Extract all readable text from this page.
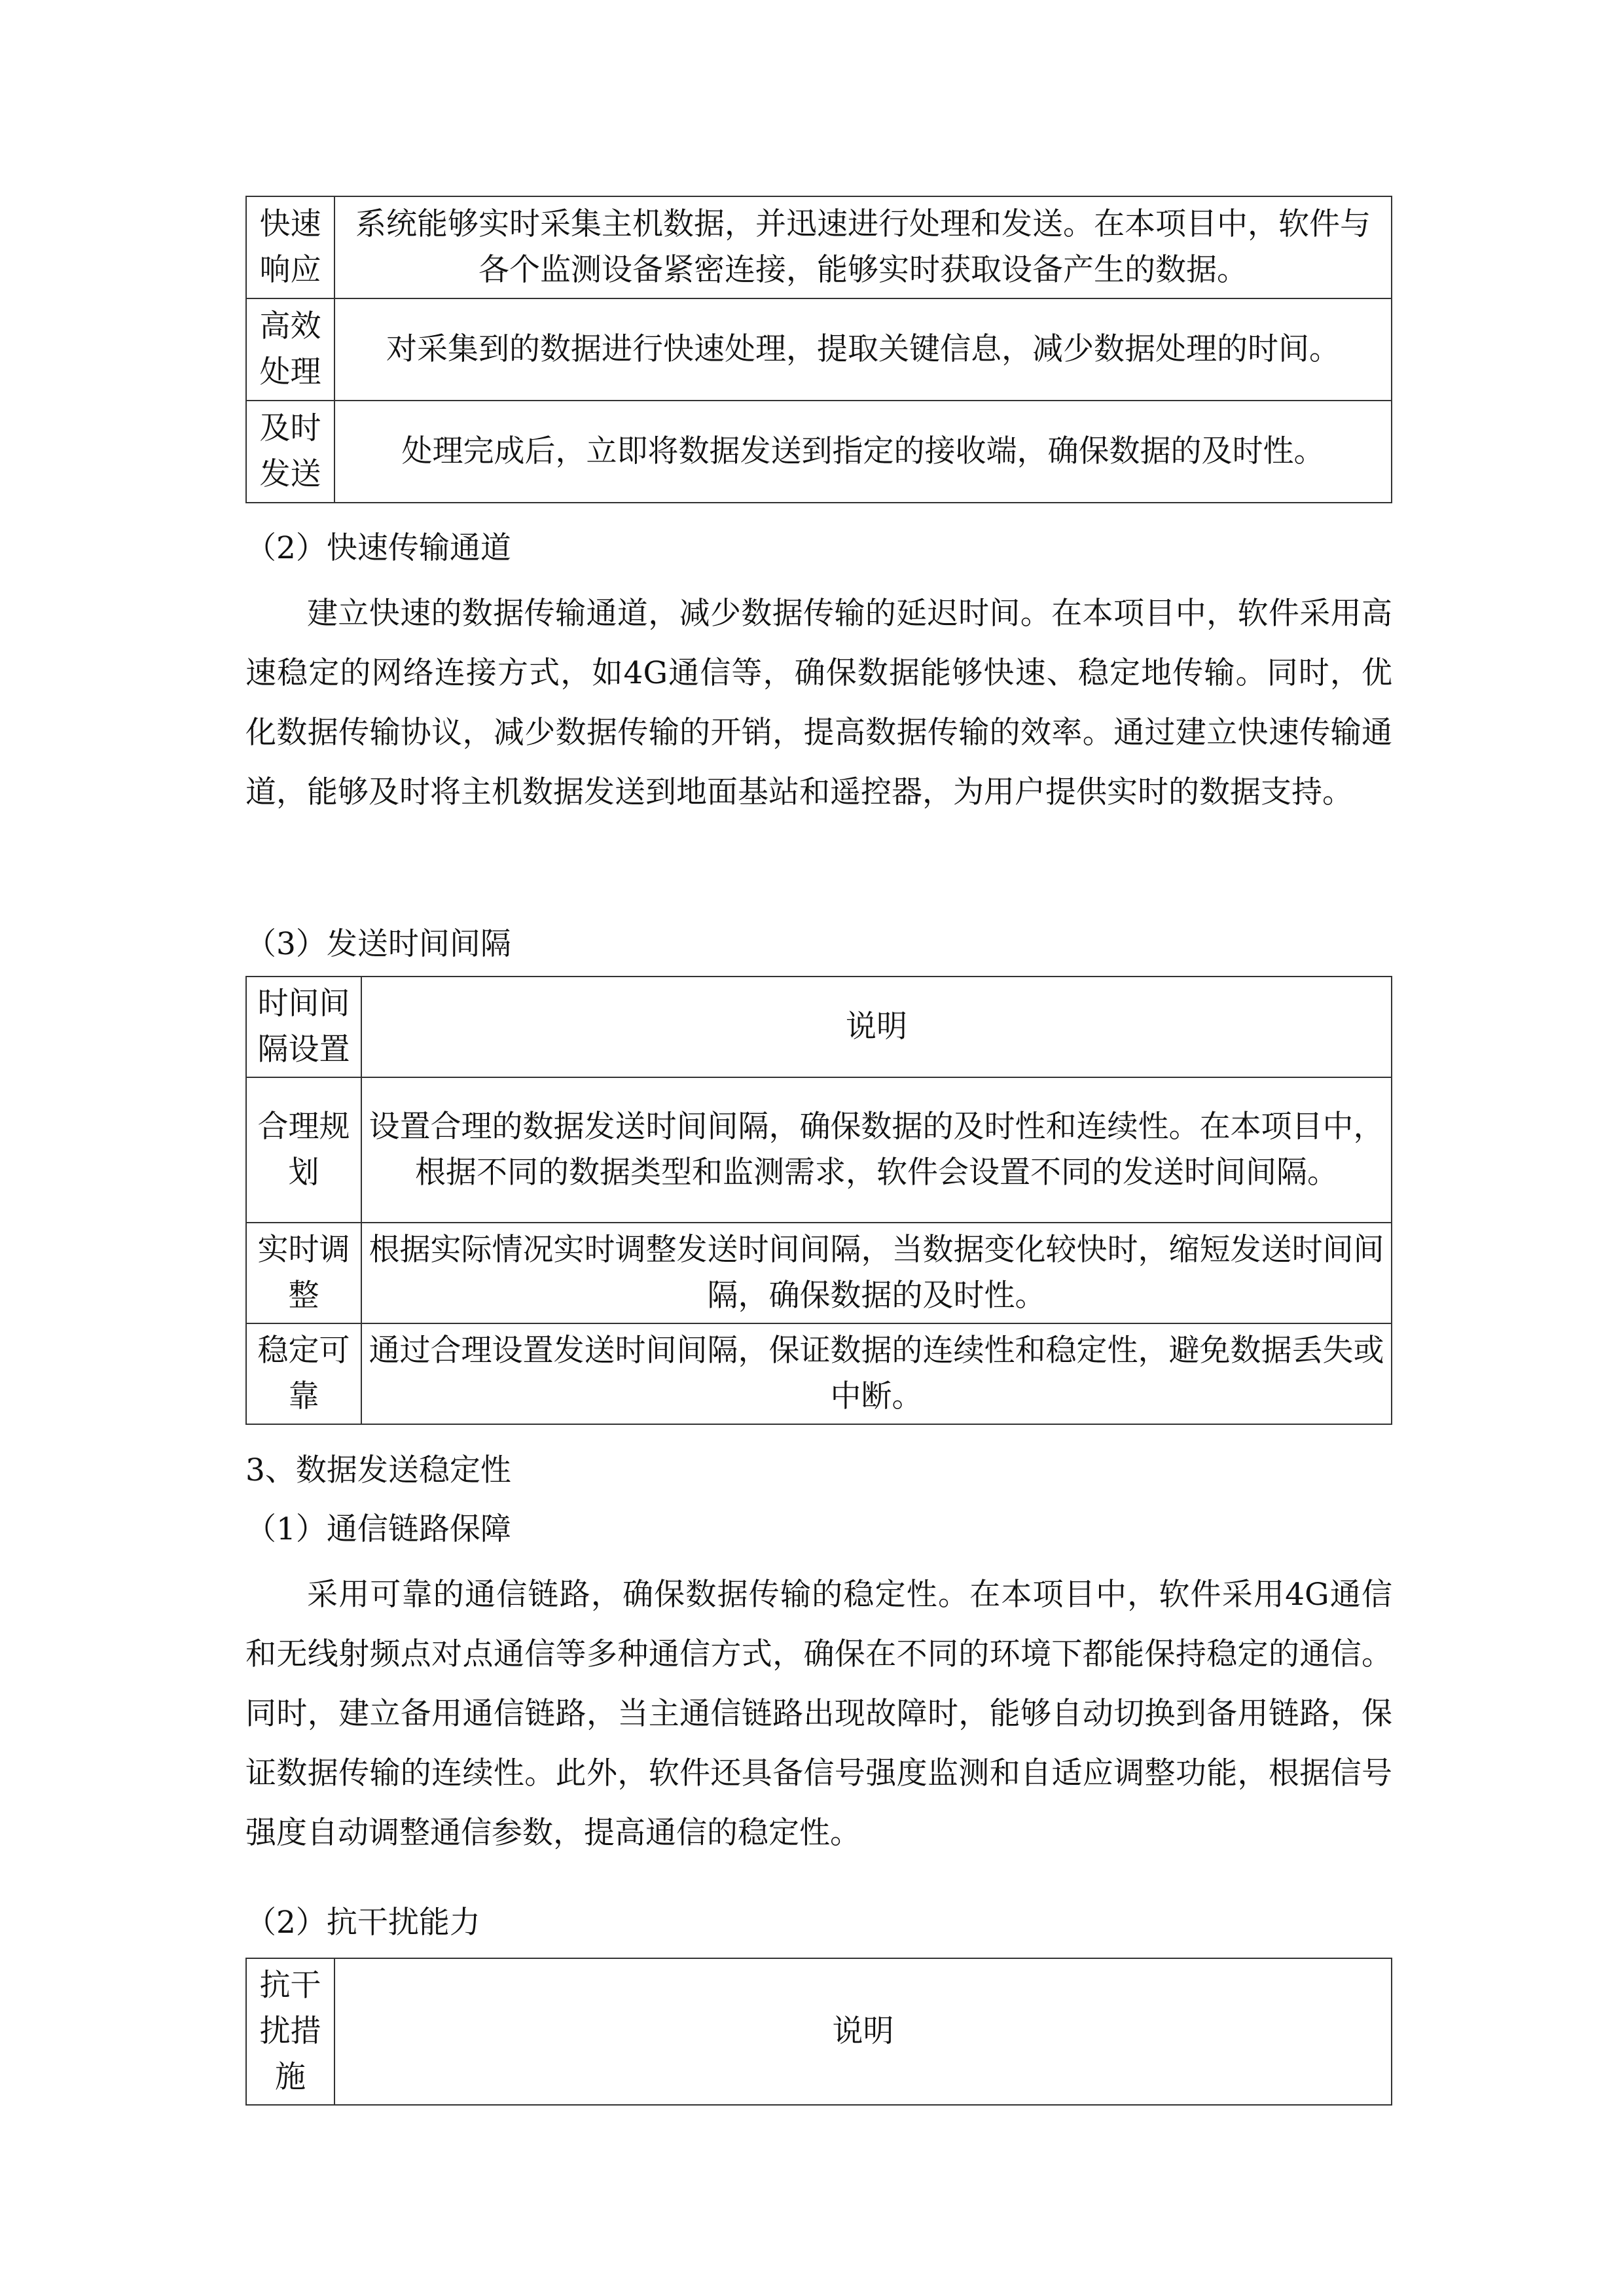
快速响应	系统能够实时采集主机数据，并迅速进行处理和发送。在本项目中，软件与各个监测设备紧密连接，能够实时获取设备产生的数据。
高效处理	对采集到的数据进行快速处理，提取关键信息，减少数据处理的时间。
及时发送	处理完成后，立即将数据发送到指定的接收端，确保数据的及时性。
（2）快速传输通道
建立快速的数据传输通道，减少数据传输的延迟时间。在本项目中，软件采用高速稳定的网络连接方式，如4G通信等，确保数据能够快速、稳定地传输。同时，优化数据传输协议，减少数据传输的开销，提高数据传输的效率。通过建立快速传输通道，能够及时将主机数据发送到地面基站和遥控器，为用户提供实时的数据支持。
（3）发送时间间隔
时间间隔设置	说明
合理规划	设置合理的数据发送时间间隔，确保数据的及时性和连续性。在本项目中，根据不同的数据类型和监测需求，软件会设置不同的发送时间间隔。
实时调整	根据实际情况实时调整发送时间间隔，当数据变化较快时，缩短发送时间间隔，确保数据的及时性。
稳定可靠	通过合理设置发送时间间隔，保证数据的连续性和稳定性，避免数据丢失或中断。
3、数据发送稳定性
（1）通信链路保障
采用可靠的通信链路，确保数据传输的稳定性。在本项目中，软件采用4G通信和无线射频点对点通信等多种通信方式，确保在不同的环境下都能保持稳定的通信。同时，建立备用通信链路，当主通信链路出现故障时，能够自动切换到备用链路，保证数据传输的连续性。此外，软件还具备信号强度监测和自适应调整功能，根据信号强度自动调整通信参数，提高通信的稳定性。
（2）抗干扰能力
抗干扰措施	说明
